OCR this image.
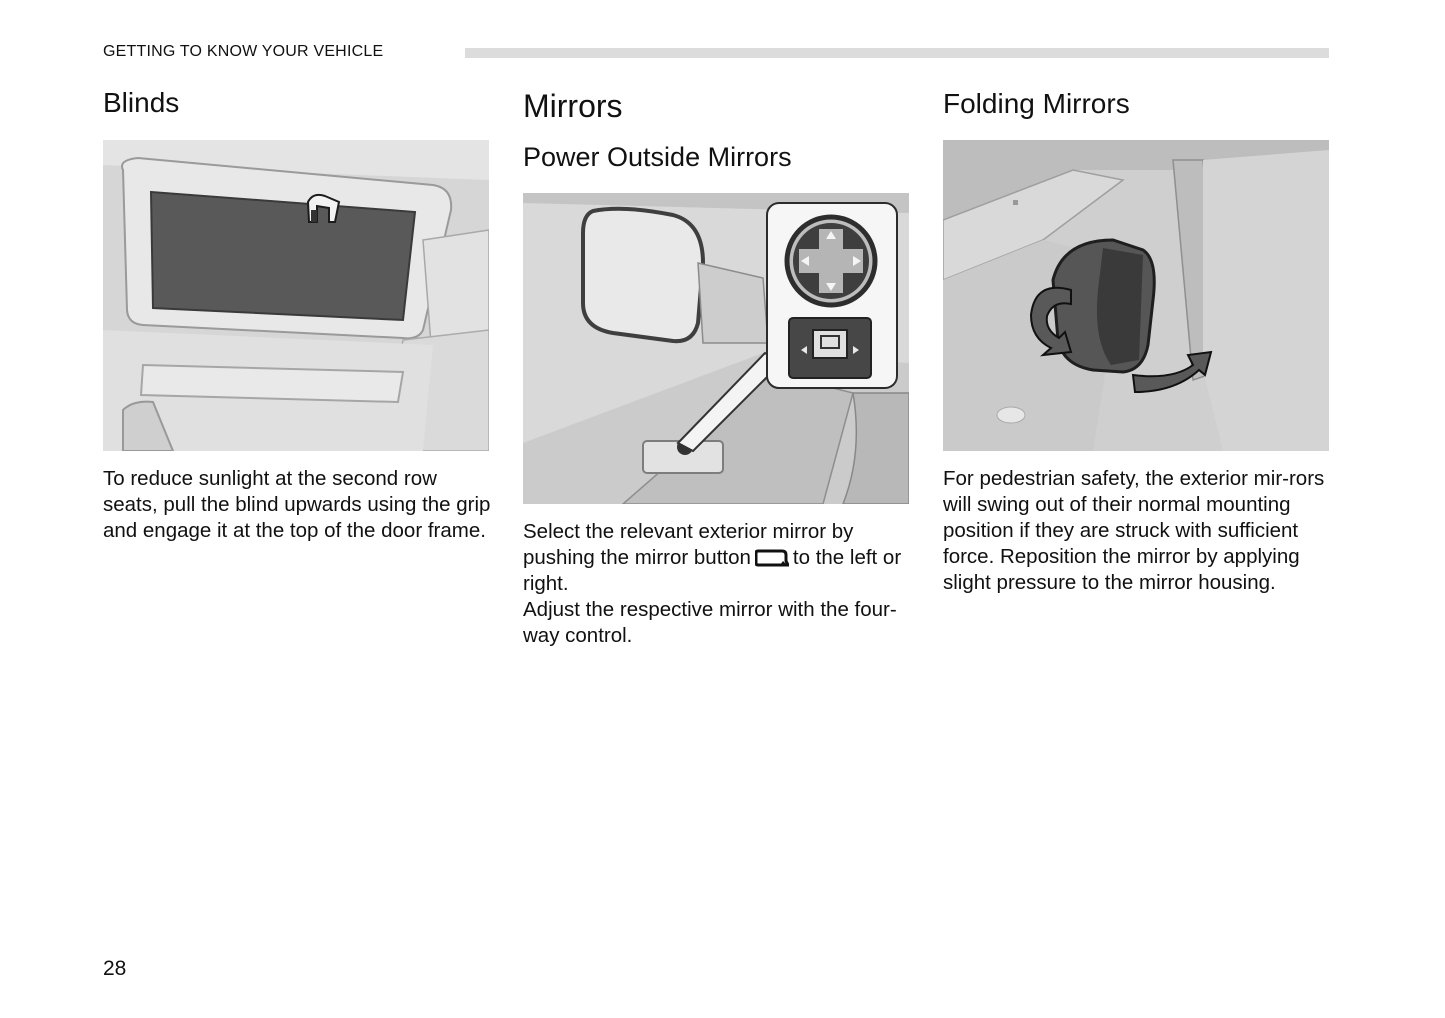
GETTING TO KNOW YOUR VEHICLE
Blinds

To reduce sunlight at the second row seats, pull the blind upwards using the grip and engage it at the top of the door frame.

Mirrors
Power Outside Mirrors

Select the relevant exterior mirror by pushing the mirror button to the left or right.
Adjust the respective mirror with the four-way control.

Folding Mirrors

For pedestrian safety, the exterior mir-rors will swing out of their normal mounting position if they are struck with sufficient force. Reposition the mirror by applying slight pressure to the mirror housing.

28
